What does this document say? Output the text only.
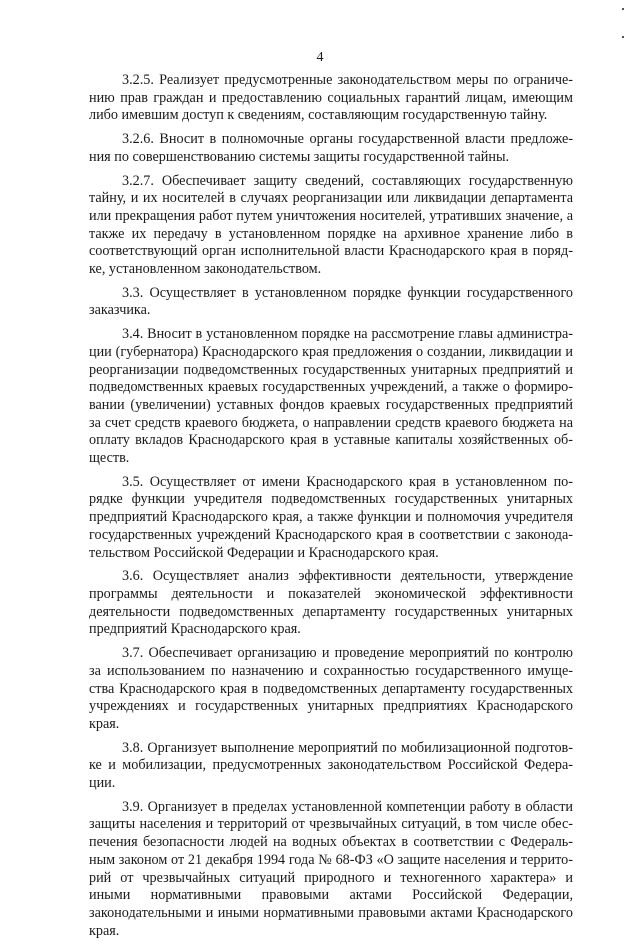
4

3.2.5. Реализует предусмотренные законодательством меры по ограничению прав граждан и предоставлению социальных гарантий лицам, имеющим либо имевшим доступ к сведениям, составляющим государственную тайну.

3.2.6. Вносит в полномочные органы государственной власти предложения по совершенствованию системы защиты государственной тайны.

3.2.7. Обеспечивает защиту сведений, составляющих государственную тайну, и их носителей в случаях реорганизации или ликвидации департамента или прекращения работ путем уничтожения носителей, утративших значение, а также их передачу в установленном порядке на архивное хранение либо в соответствующий орган исполнительной власти Краснодарского края в порядке, установленном законодательством.

3.3. Осуществляет в установленном порядке функции государственного заказчика.

3.4. Вносит в установленном порядке на рассмотрение главы администрации (губернатора) Краснодарского края предложения о создании, ликвидации и реорганизации подведомственных государственных унитарных предприятий и подведомственных краевых государственных учреждений, а также о формировании (увеличении) уставных фондов краевых государственных предприятий за счет средств краевого бюджета, о направлении средств краевого бюджета на оплату вкладов Краснодарского края в уставные капиталы хозяйственных обществ.

3.5. Осуществляет от имени Краснодарского края в установленном порядке функции учредителя подведомственных государственных унитарных предприятий Краснодарского края, а также функции и полномочия учредителя государственных учреждений Краснодарского края в соответствии с законодательством Российской Федерации и Краснодарского края.

3.6. Осуществляет анализ эффективности деятельности, утверждение программы деятельности и показателей экономической эффективности деятельности подведомственных департаменту государственных унитарных предприятий Краснодарского края.

3.7. Обеспечивает организацию и проведение мероприятий по контролю за использованием по назначению и сохранностью государственного имущества Краснодарского края в подведомственных департаменту государственных учреждениях и государственных унитарных предприятиях Краснодарского края.

3.8. Организует выполнение мероприятий по мобилизационной подготовке и мобилизации, предусмотренных законодательством Российской Федерации.

3.9. Организует в пределах установленной компетенции работу в области защиты населения и территорий от чрезвычайных ситуаций, в том числе обеспечения безопасности людей на водных объектах в соответствии с Федеральным законом от 21 декабря 1994 года № 68-ФЗ «О защите населения и территорий от чрезвычайных ситуаций природного и техногенного характера» и иными нормативными правовыми актами Российской Федерации, законодательными и иными нормативными правовыми актами Краснодарского края.
